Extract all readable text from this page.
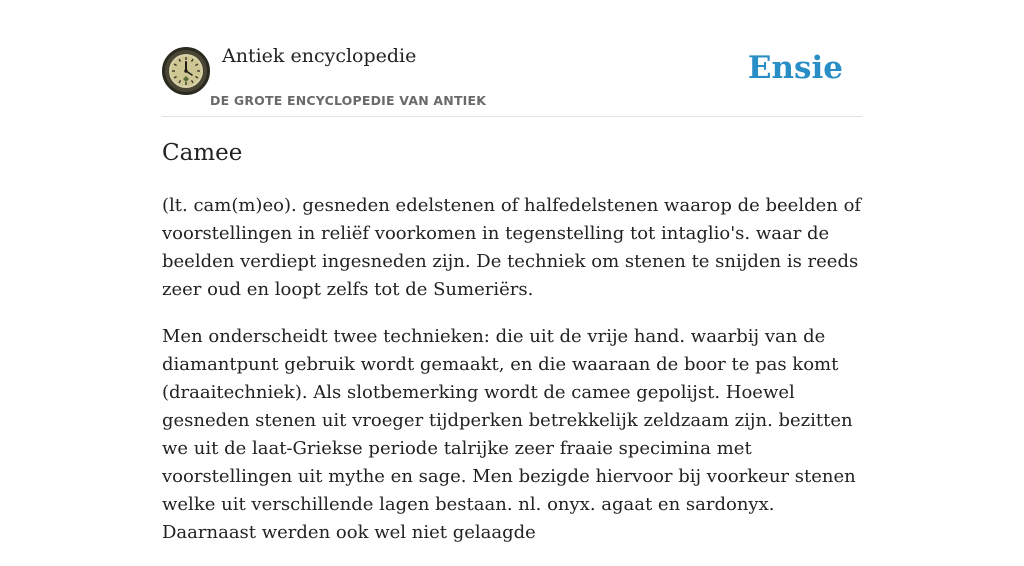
Antiek encyclopedie
DE GROTE ENCYCLOPEDIE VAN ANTIEK
Ensie
Camee

(lt. cam(m)eo). gesneden edelstenen of halfedelstenen waarop de beelden of voorstellingen in reliëf voorkomen in tegenstelling tot intaglio's. waar de beelden verdiept ingesneden zijn. De techniek om stenen te snijden is reeds zeer oud en loopt zelfs tot de Sumeriërs.

Men onderscheidt twee technieken: die uit de vrije hand. waarbij van de diamantpunt gebruik wordt gemaakt, en die waaraan de boor te pas komt (draaitechniek). Als slotbemerking wordt de camee gepolijst. Hoewel gesneden stenen uit vroeger tijdperken betrekkelijk zeldzaam zijn. bezitten we uit de laat-Griekse periode talrijke zeer fraaie specimina met voorstellingen uit mythe en sage. Men bezigde hiervoor bij voorkeur stenen welke uit verschillende lagen bestaan. nl. onyx. agaat en sardonyx. Daarnaast werden ook wel niet gelaagde
